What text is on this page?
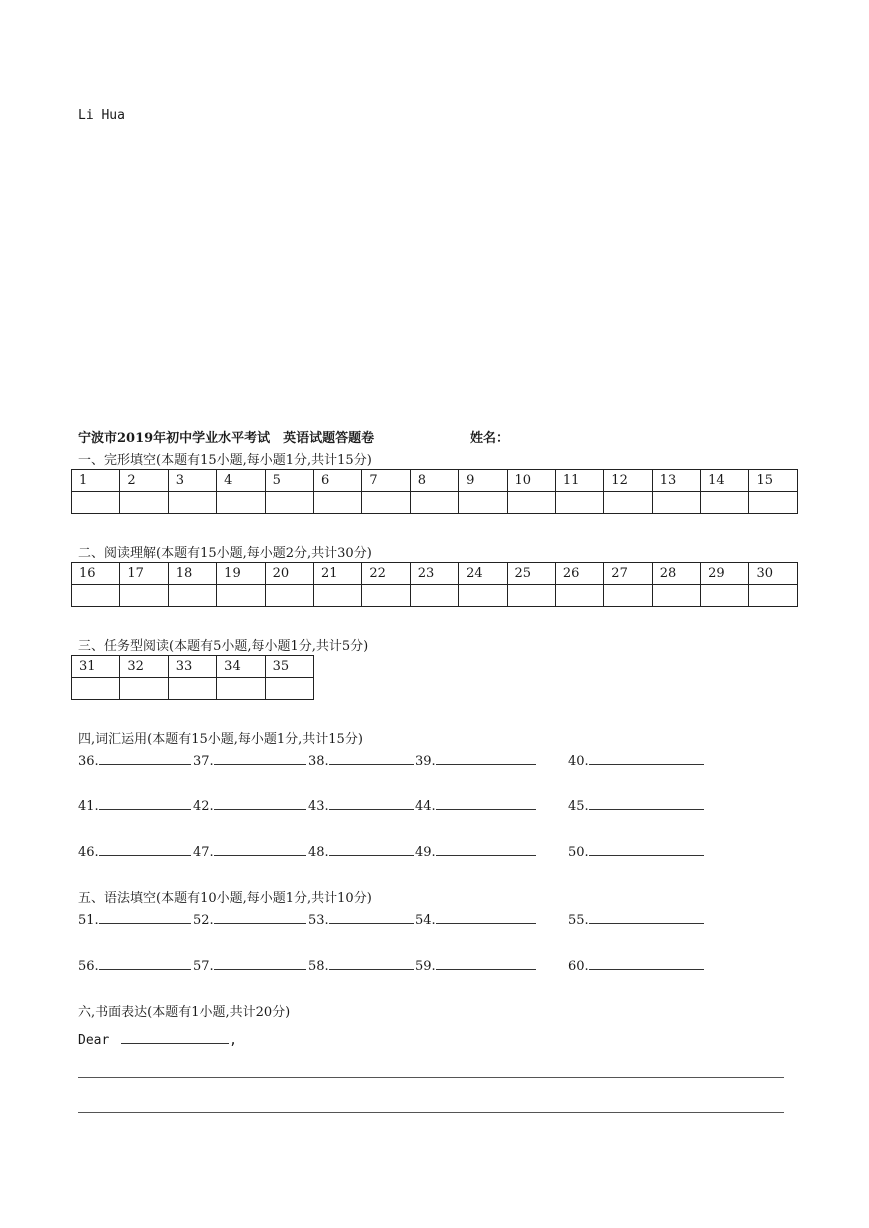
Li Hua
宁波市2019年初中学业水平考试　英语试题答题卷	姓名：
一、完形填空(本题有15小题,每小题1分,共计15分)
1	2	3	4	5	6	7	8	9	10	11	12	13	14	15

二、阅读理解(本题有15小题,每小题2分,共计30分)
16	17	18	19	20	21	22	23	24	25	26	27	28	29	30

三、任务型阅读(本题有5小题,每小题1分,共计5分)
31	32	33	34	35

四,词汇运用(本题有15小题,每小题1分,共计15分)
36.	37.	38.	39.	40.
41.	42.	43.	44.	45.
46.	47.	48.	49.	50.
五、语法填空(本题有10小题,每小题1分,共计10分)
51.	52.	53.	54.	55.
56.	57.	58.	59.	60.
六,书面表达(本题有1小题,共计20分)
Dear	,
